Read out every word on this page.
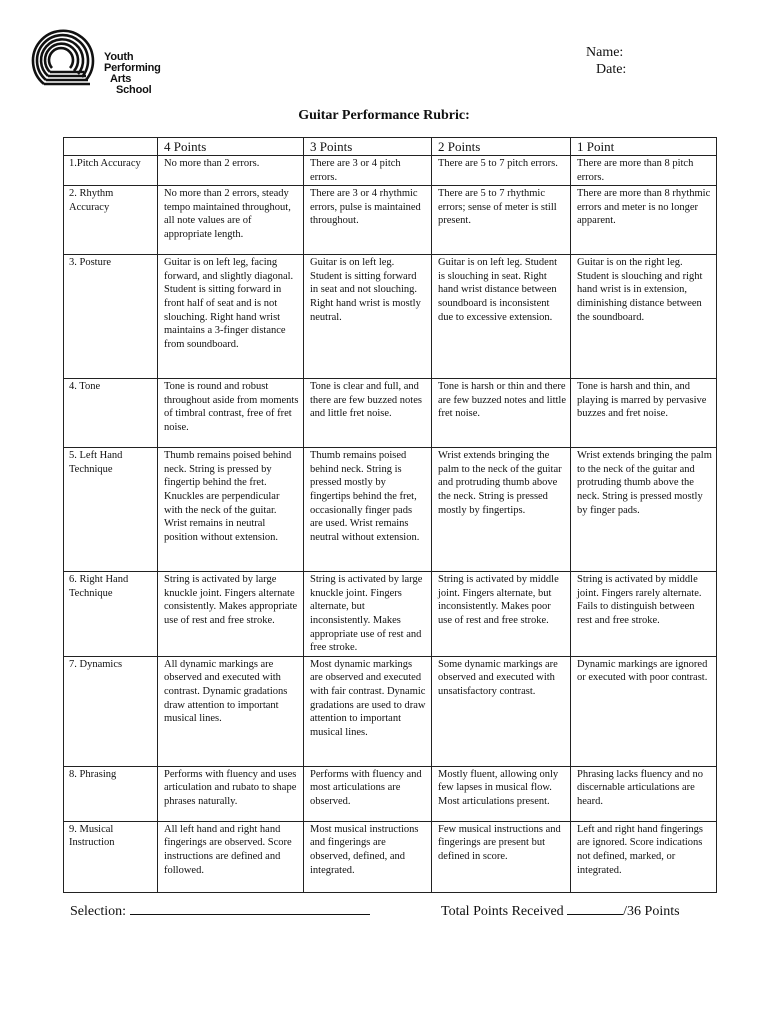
Youth
Performing
Arts
School
Name:
Date:
Guitar Performance Rubric:
	4 Points	3 Points	2 Points	1 Point
1.Pitch Accuracy	No more than 2 errors.	There are 3 or 4 pitch errors.	There are 5 to 7 pitch errors.	There are more than 8 pitch errors.
2. Rhythm Accuracy	No more than 2 errors, steady tempo maintained throughout, all note values are of appropriate length.	There are 3 or 4 rhythmic errors, pulse is maintained throughout.	There are 5 to 7 rhythmic errors; sense of meter is still present.	There are more than 8 rhythmic errors and meter is no longer apparent.
3. Posture	Guitar is on left leg, facing forward, and slightly diagonal. Student is sitting forward in front half of seat and is not slouching. Right hand wrist maintains a 3-finger distance from soundboard.	Guitar is on left leg. Student is sitting forward in seat and not slouching. Right hand wrist is mostly neutral.	Guitar is on left leg. Student is slouching in seat. Right hand wrist distance between soundboard is inconsistent due to excessive extension.	Guitar is on the right leg. Student is slouching and right hand wrist is in extension, diminishing distance between the soundboard.
4. Tone	Tone is round and robust throughout aside from moments of timbral contrast, free of fret noise.	Tone is clear and full, and there are few buzzed notes and little fret noise.	Tone is harsh or thin and there are few buzzed notes and little fret noise.	Tone is harsh and thin, and playing is marred by pervasive buzzes and fret noise.
5. Left Hand Technique	Thumb remains poised behind neck. String is pressed by fingertip behind the fret. Knuckles are perpendicular with the neck of the guitar. Wrist remains in neutral position without extension.	Thumb remains poised behind neck. String is pressed mostly by fingertips behind the fret, occasionally finger pads are used. Wrist remains neutral without extension.	Wrist extends bringing the palm to the neck of the guitar and protruding thumb above the neck. String is pressed mostly by fingertips.	Wrist extends bringing the palm to the neck of the guitar and protruding thumb above the neck. String is pressed mostly by finger pads.
6. Right Hand Technique	String is activated by large knuckle joint. Fingers alternate consistently. Makes appropriate use of rest and free stroke.	String is activated by large knuckle joint. Fingers alternate, but inconsistently. Makes appropriate use of rest and free stroke.	String is activated by middle joint. Fingers alternate, but inconsistently. Makes poor use of rest and free stroke.	String is activated by middle joint. Fingers rarely alternate. Fails to distinguish between rest and free stroke.
7. Dynamics	All dynamic markings are observed and executed with contrast. Dynamic gradations draw attention to important musical lines.	Most dynamic markings are observed and executed with fair contrast. Dynamic gradations are used to draw attention to important musical lines.	Some dynamic markings are observed and executed with unsatisfactory contrast.	Dynamic markings are ignored or executed with poor contrast.
8. Phrasing	Performs with fluency and uses articulation and rubato to shape phrases naturally.	Performs with fluency and most articulations are observed.	Mostly fluent, allowing only few lapses in musical flow. Most articulations present.	Phrasing lacks fluency and no discernable articulations are heard.
9. Musical Instruction	All left hand and right hand fingerings are observed. Score instructions are defined and followed.	Most musical instructions and fingerings are observed, defined, and integrated.	Few musical instructions and fingerings are present but defined in score.	Left and right hand fingerings are ignored. Score indications not defined, marked, or integrated.
Selection:	Total Points Received	/36 Points
